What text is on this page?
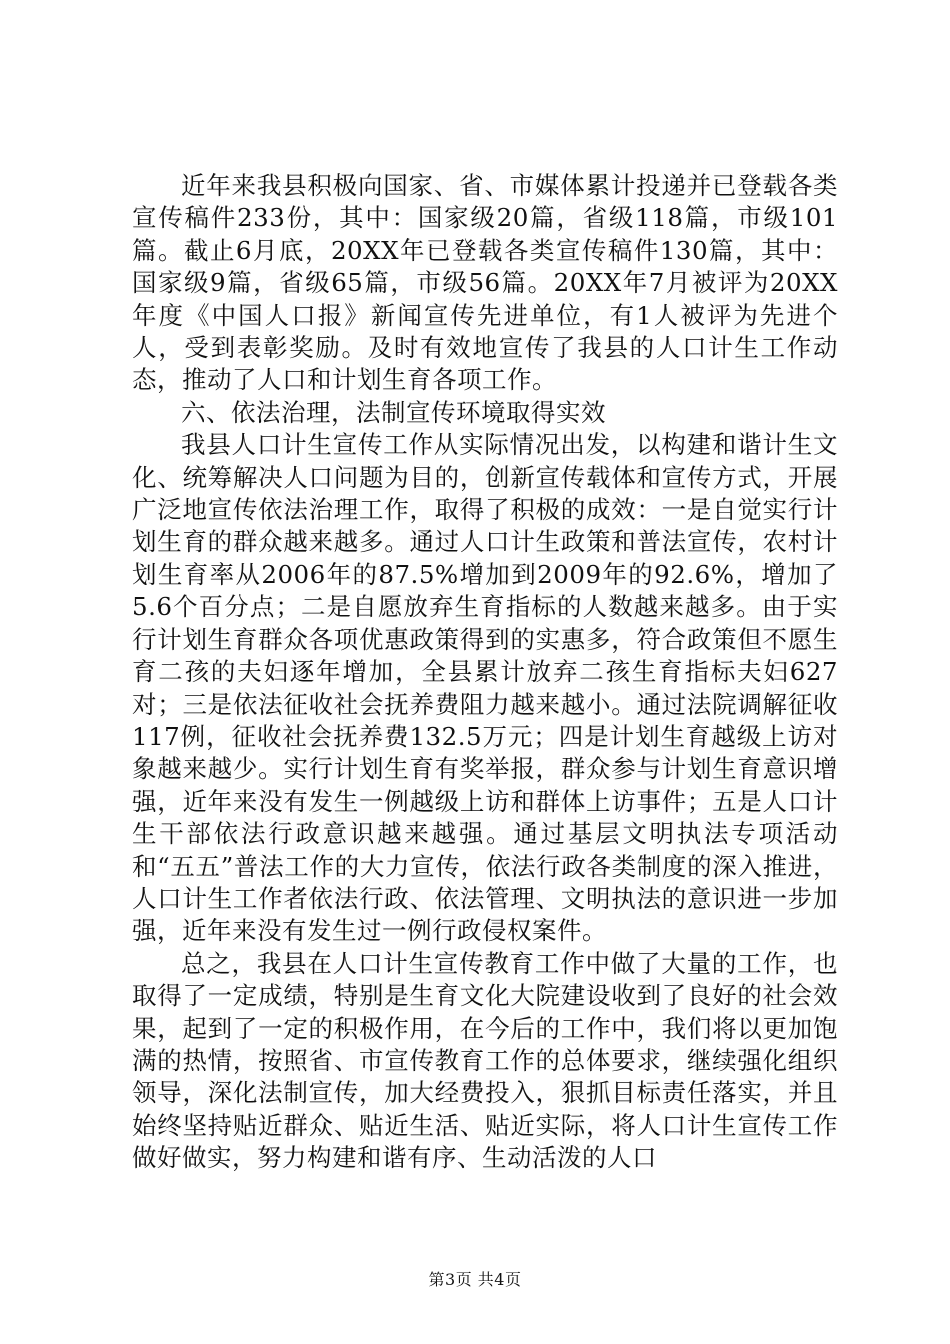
近年来我县积极向国家、省、市媒体累计投递并已登载各类宣传稿件233份，其中：国家级20篇，省级118篇，市级101篇。截止6月底，20XX年已登载各类宣传稿件130篇，其中：国家级9篇，省级65篇，市级56篇。20XX年7月被评为20XX年度《中国人口报》新闻宣传先进单位，有1人被评为先进个人，受到表彰奖励。及时有效地宣传了我县的人口计生工作动态，推动了人口和计划生育各项工作。

六、依法治理，法制宣传环境取得实效

我县人口计生宣传工作从实际情况出发，以构建和谐计生文化、统筹解决人口问题为目的，创新宣传载体和宣传方式，开展广泛地宣传依法治理工作，取得了积极的成效：一是自觉实行计划生育的群众越来越多。通过人口计生政策和普法宣传，农村计划生育率从2006年的87.5%增加到2009年的92.6%，增加了5.6个百分点；二是自愿放弃生育指标的人数越来越多。由于实行计划生育群众各项优惠政策得到的实惠多，符合政策但不愿生育二孩的夫妇逐年增加，全县累计放弃二孩生育指标夫妇627对；三是依法征收社会抚养费阻力越来越小。通过法院调解征收117例，征收社会抚养费132.5万元；四是计划生育越级上访对象越来越少。实行计划生育有奖举报，群众参与计划生育意识增强，近年来没有发生一例越级上访和群体上访事件；五是人口计生干部依法行政意识越来越强。通过基层文明执法专项活动和“五五”普法工作的大力宣传，依法行政各类制度的深入推进，人口计生工作者依法行政、依法管理、文明执法的意识进一步加强，近年来没有发生过一例行政侵权案件。

总之，我县在人口计生宣传教育工作中做了大量的工作，也取得了一定成绩，特别是生育文化大院建设收到了良好的社会效果，起到了一定的积极作用，在今后的工作中，我们将以更加饱满的热情，按照省、市宣传教育工作的总体要求，继续强化组织领导，深化法制宣传，加大经费投入，狠抓目标责任落实，并且始终坚持贴近群众、贴近生活、贴近实际，将人口计生宣传工作做好做实，努力构建和谐有序、生动活泼的人口

第3页 共4页
